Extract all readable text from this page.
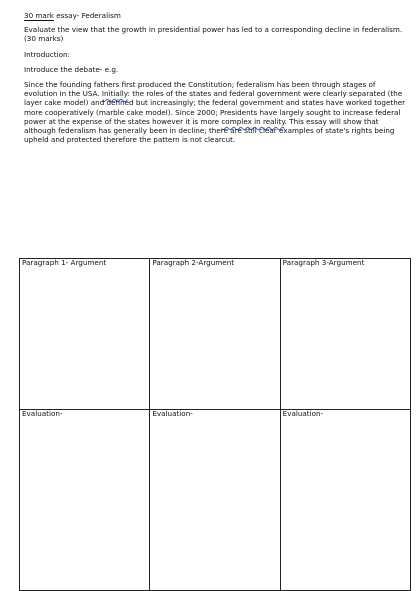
30 mark essay- Federalism

Evaluate the view that the growth in presidential power has led to a corresponding decline in federalism. (30 marks)

Introduction:

Introduce the debate- e.g.

Since the founding fathers first produced the Constitution; federalism has been through stages of evolution in the USA. Initially: the roles of the states and federal government were clearly separated (the layer cake model) and defined but increasingly; the federal government and states have worked together more cooperatively (marble cake model). Since 2000; Presidents have largely sought to increase federal power at the expense of the states however it is more complex in reality. This essay will show that although federalism has generally been in decline; there are still clear examples of state's rights being upheld and protected therefore the pattern is not clearcut.

Paragraph 1- Argument	Paragraph 2-Argument	Paragraph 3-Argument
Evaluation-	Evaluation-	Evaluation-
